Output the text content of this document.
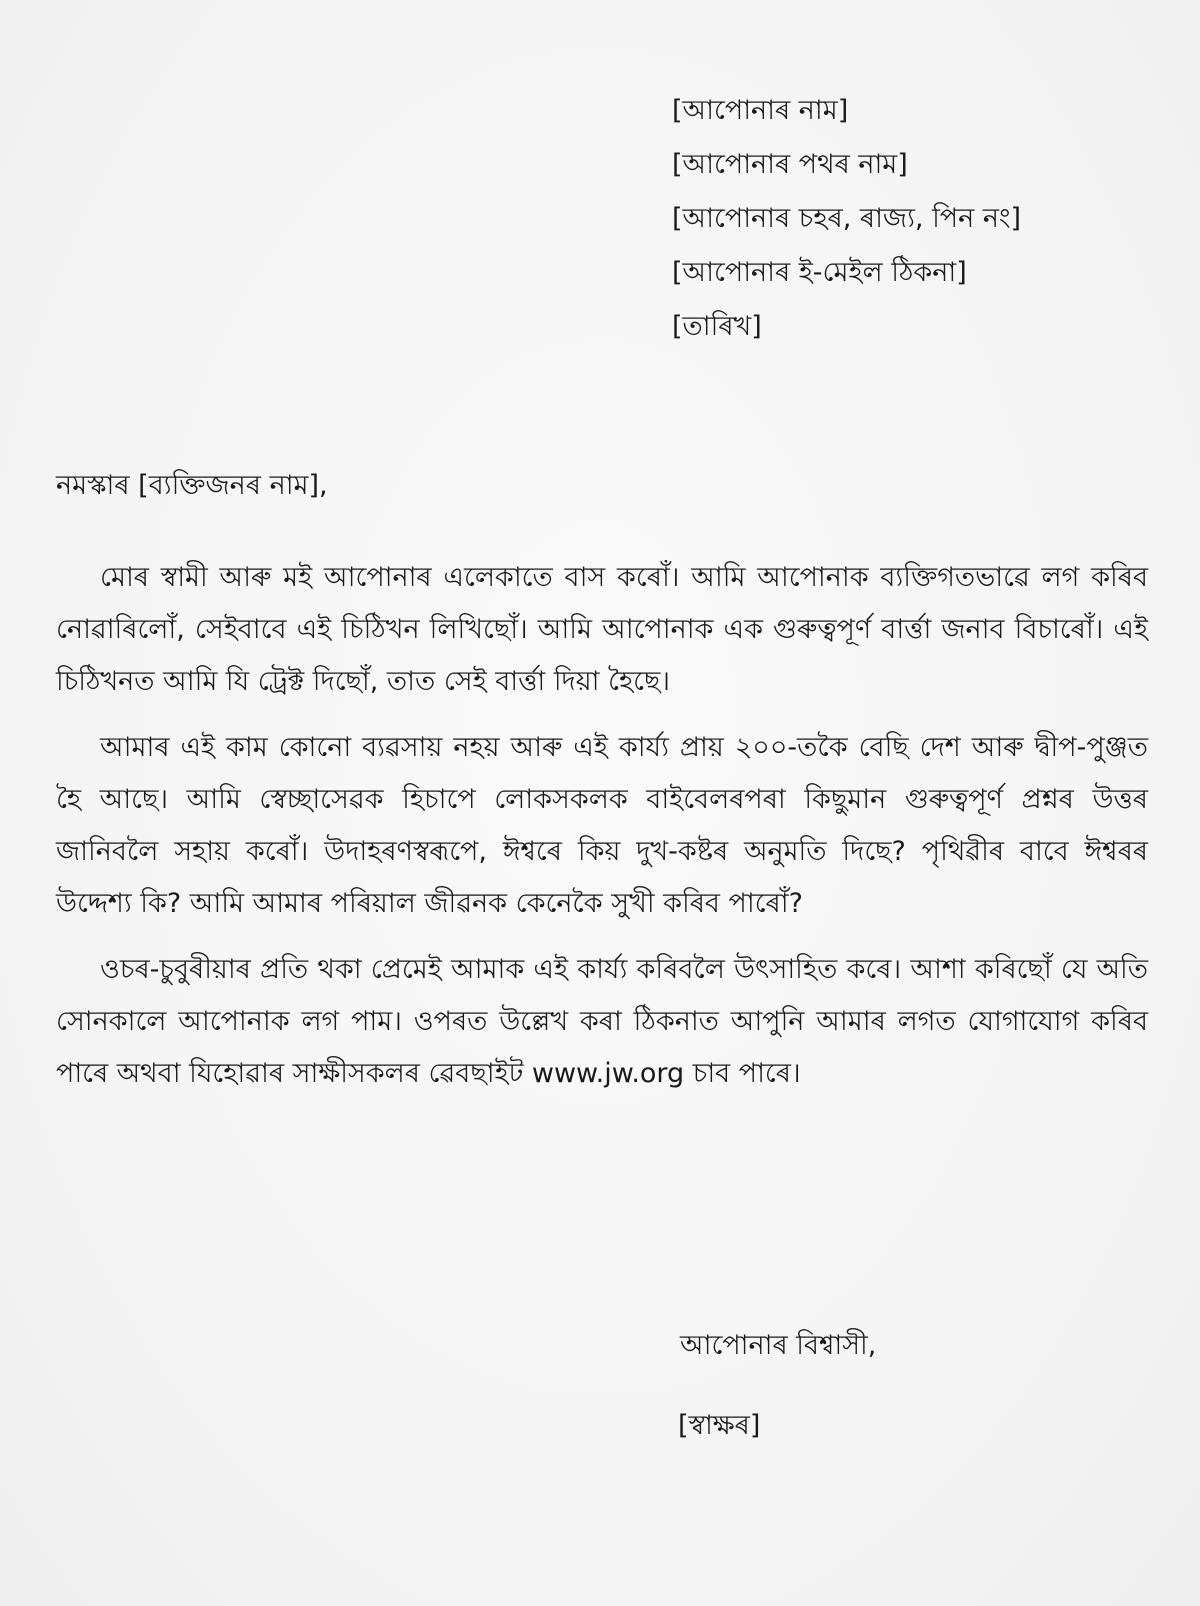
[আপোনাৰ নাম]
[আপোনাৰ পথৰ নাম]
[আপোনাৰ চহৰ, ৰাজ্য, পিন নং]
[আপোনাৰ ই-মেইল ঠিকনা]
[তাৰিখ]
নমস্কাৰ [ব্যক্তিজনৰ নাম],

মোৰ স্বামী আৰু মই আপোনাৰ এলেকাতে বাস কৰোঁ। আমি আপোনাক ব্যক্তিগতভাৱে লগ কৰিব নোৱাৰিলোঁ, সেইবাবে এই চিঠিখন লিখিছোঁ। আমি আপোনাক এক গুৰুত্বপূৰ্ণ বাৰ্ত্তা জনাব বিচাৰোঁ। এই চিঠিখনত আমি যি ট্ৰেক্ট দিছোঁ, তাত সেই বাৰ্ত্তা দিয়া হৈছে।

আমাৰ এই কাম কোনো ব্যৱসায় নহয় আৰু এই কাৰ্য্য প্ৰায় ২০০-তকৈ বেছি দেশ আৰু দ্বীপ-পুঞ্জত হৈ আছে। আমি স্বেচ্ছাসেৱক হিচাপে লোকসকলক বাইবেলৰপৰা কিছুমান গুৰুত্বপূৰ্ণ প্ৰশ্নৰ উত্তৰ জানিবলৈ সহায় কৰোঁ। উদাহৰণস্বৰূপে, ঈশ্বৰে কিয় দুখ-কষ্টৰ অনুমতি দিছে? পৃথিৱীৰ বাবে ঈশ্বৰৰ উদ্দেশ্য কি? আমি আমাৰ পৰিয়াল জীৱনক কেনেকৈ সুখী কৰিব পাৰোঁ?

ওচৰ-চুবুৰীয়াৰ প্ৰতি থকা প্ৰেমেই আমাক এই কাৰ্য্য কৰিবলৈ উৎসাহিত কৰে। আশা কৰিছোঁ যে অতি সোনকালে আপোনাক লগ পাম। ওপৰত উল্লেখ কৰা ঠিকনাত আপুনি আমাৰ লগত যোগাযোগ কৰিব পাৰে অথবা যিহোৱাৰ সাক্ষীসকলৰ ৱেবছাইট www.jw.org চাব পাৰে।

আপোনাৰ বিশ্বাসী,
[স্বাক্ষৰ]
